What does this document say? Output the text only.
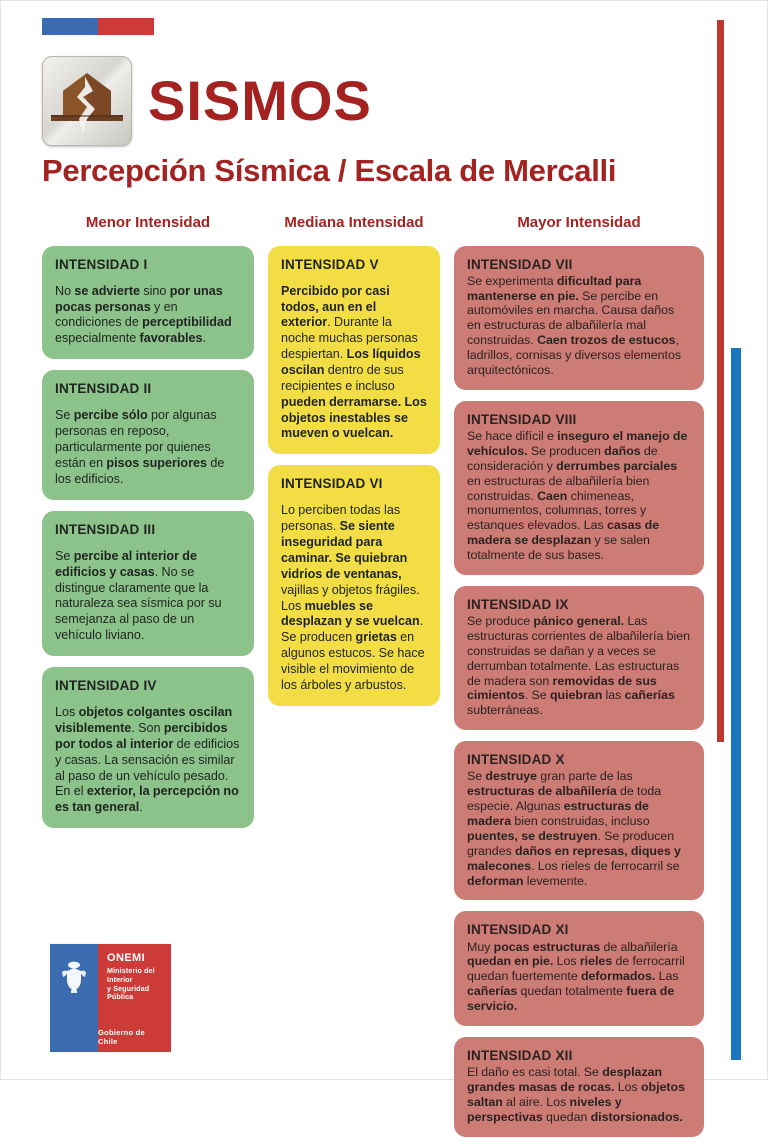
SISMOS
Percepción Sísmica / Escala de Mercalli
Menor Intensidad
INTENSIDAD I

No se advierte sino por unas pocas personas y en condiciones de perceptibilidad especialmente favorables.

INTENSIDAD II

Se percibe sólo por algunas personas en reposo, particularmente por quienes están en pisos superiores de los edificios.

INTENSIDAD III

Se percibe al interior de edificios y casas. No se distingue claramente que la naturaleza sea sísmica por su semejanza al paso de un vehículo liviano.

INTENSIDAD IV

Los objetos colgantes oscilan visiblemente. Son percibidos por todos al interior de edificios y casas. La sensación es similar al paso de un vehículo pesado. En el exterior, la percepción no es tan general.

Mediana Intensidad
INTENSIDAD V

Percibido por casi todos, aun en el exterior. Durante la noche muchas personas despiertan. Los líquidos oscilan dentro de sus recipientes e incluso pueden derramarse. Los objetos inestables se mueven o vuelcan.

INTENSIDAD VI

Lo perciben todas las personas. Se siente inseguridad para caminar. Se quiebran vidrios de ventanas, vajillas y objetos frágiles. Los muebles se desplazan y se vuelcan. Se producen grietas en algunos estucos. Se hace visible el movimiento de los árboles y arbustos.

Mayor Intensidad
INTENSIDAD VII

Se experimenta dificultad para mantenerse en pie. Se percibe en automóviles en marcha. Causa daños en estructuras de albañilería mal construidas. Caen trozos de estucos, ladrillos, cornisas y diversos elementos arquitectónicos.

INTENSIDAD VIII

Se hace difícil e inseguro el manejo de vehículos. Se producen daños de consideración y derrumbes parciales en estructuras de albañilería bien construidas. Caen chimeneas, monumentos, columnas, torres y estanques elevados. Las casas de madera se desplazan y se salen totalmente de sus bases.

INTENSIDAD IX

Se produce pánico general. Las estructuras corrientes de albañilería bien construidas se dañan y a veces se derrumban totalmente. Las estructuras de madera son removidas de sus cimientos. Se quiebran las cañerías subterráneas.

INTENSIDAD X

Se destruye gran parte de las estructuras de albañilería de toda especie. Algunas estructuras de madera bien construidas, incluso puentes, se destruyen. Se producen grandes daños en represas, diques y malecones. Los rieles de ferrocarril se deforman levemente.

INTENSIDAD XI

Muy pocas estructuras de albañilería quedan en pie. Los rieles de ferrocarril quedan fuertemente deformados. Las cañerías quedan totalmente fuera de servicio.

INTENSIDAD XII

El daño es casi total. Se desplazan grandes masas de rocas. Los objetos saltan al aire. Los niveles y perspectivas quedan distorsionados.

ONEMI

Ministerio del Interior
y Seguridad Pública

Gobierno de Chile
